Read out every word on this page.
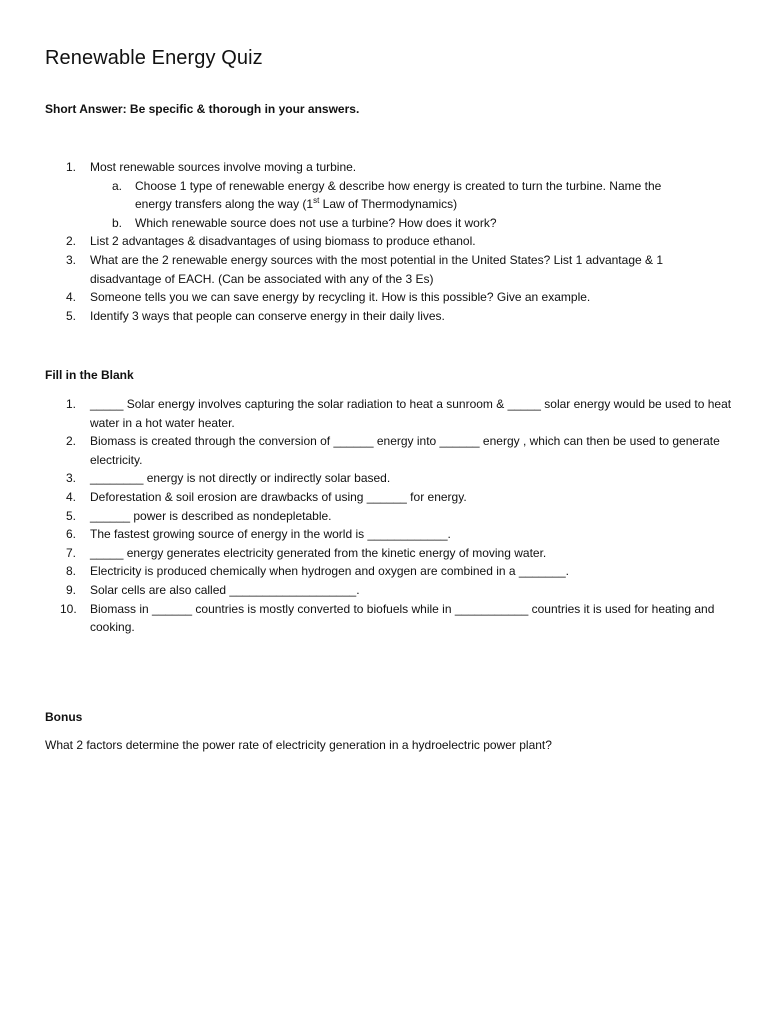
Renewable Energy Quiz

Short Answer: Be specific & thorough in your answers.

1. Most renewable sources involve moving a turbine.
a. Choose 1 type of renewable energy & describe how energy is created to turn the turbine. Name the energy transfers along the way (1st Law of Thermodynamics)
b. Which renewable source does not use a turbine? How does it work?
2. List 2 advantages & disadvantages of using biomass to produce ethanol.
3. What are the 2 renewable energy sources with the most potential in the United States? List 1 advantage & 1 disadvantage of EACH. (Can be associated with any of the 3 Es)
4. Someone tells you we can save energy by recycling it. How is this possible? Give an example.
5. Identify 3 ways that people can conserve energy in their daily lives.

Fill in the Blank

1. _____ Solar energy involves capturing the solar radiation to heat a sunroom & _____ solar energy would be used to heat water in a hot water heater.
2. Biomass is created through the conversion of ______ energy into ______ energy , which can then be used to generate electricity.
3. ________ energy is not directly or indirectly solar based.
4. Deforestation & soil erosion are drawbacks of using ______ for energy.
5. ______ power is described as nondepletable.
6. The fastest growing source of energy in the world is ____________.
7. _____ energy generates electricity generated from the kinetic energy of moving water.
8. Electricity is produced chemically when hydrogen and oxygen are combined in a _______.
9. Solar cells are also called ___________________.
10. Biomass in ______ countries is mostly converted to biofuels while in ___________ countries it is used for heating and cooking.

Bonus

What 2 factors determine the power rate of electricity generation in a hydroelectric power plant?
